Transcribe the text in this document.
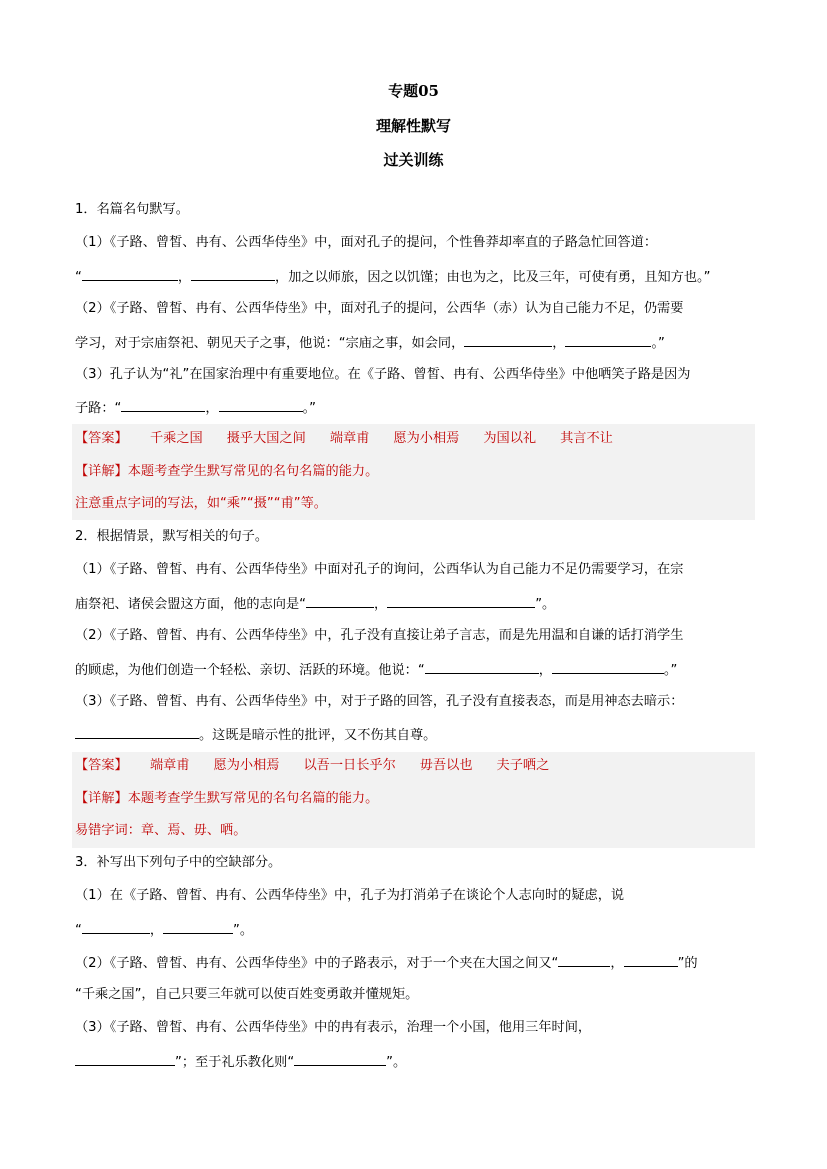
专题05
理解性默写
过关训练
1．名篇名句默写。
（1）《子路、曾皙、冉有、公西华侍坐》中，面对孔子的提问，个性鲁莽却率直的子路急忙回答道：
“	，	，加之以师旅，因之以饥馑；由也为之，比及三年，可使有勇，且知方也。”
（2）《子路、曾皙、冉有、公西华侍坐》中，面对孔子的提问，公西华（赤）认为自己能力不足，仍需要
学习，对于宗庙祭祀、朝见天子之事，他说：“宗庙之事，如会同，	，	。”
（3）孔子认为“礼”在国家治理中有重要地位。在《子路、曾皙、冉有、公西华侍坐》中他哂笑子路是因为
子路：“	，	。”
【答案】 千乘之国 摄乎大国之间 端章甫 愿为小相焉 为国以礼 其言不让
【详解】本题考查学生默写常见的名句名篇的能力。
注意重点字词的写法，如“乘”“摄”“甫”等。
2．根据情景，默写相关的句子。
（1）《子路、曾皙、冉有、公西华侍坐》中面对孔子的询问，公西华认为自己能力不足仍需要学习，在宗
庙祭祀、诸侯会盟这方面，他的志向是“	，	”。
（2）《子路、曾皙、冉有、公西华侍坐》中，孔子没有直接让弟子言志，而是先用温和自谦的话打消学生
的顾虑，为他们创造一个轻松、亲切、活跃的环境。他说：“	，	。”
（3）《子路、曾皙、冉有、公西华侍坐》中，对于子路的回答，孔子没有直接表态，而是用神态去暗示：
。这既是暗示性的批评，又不伤其自尊。
【答案】 端章甫 愿为小相焉 以吾一日长乎尔 毋吾以也 夫子哂之
【详解】本题考查学生默写常见的名句名篇的能力。
易错字词：章、焉、毋、哂。
3．补写出下列句子中的空缺部分。
（1）在《子路、曾皙、冉有、公西华侍坐》中，孔子为打消弟子在谈论个人志向时的疑虑，说
“	，	”。
（2）《子路、曾皙、冉有、公西华侍坐》中的子路表示，对于一个夹在大国之间又“	，	”的
“千乘之国”，自己只要三年就可以使百姓变勇敢并懂规矩。
（3）《子路、曾皙、冉有、公西华侍坐》中的冉有表示，治理一个小国，他用三年时间，
”；至于礼乐教化则“	”。
